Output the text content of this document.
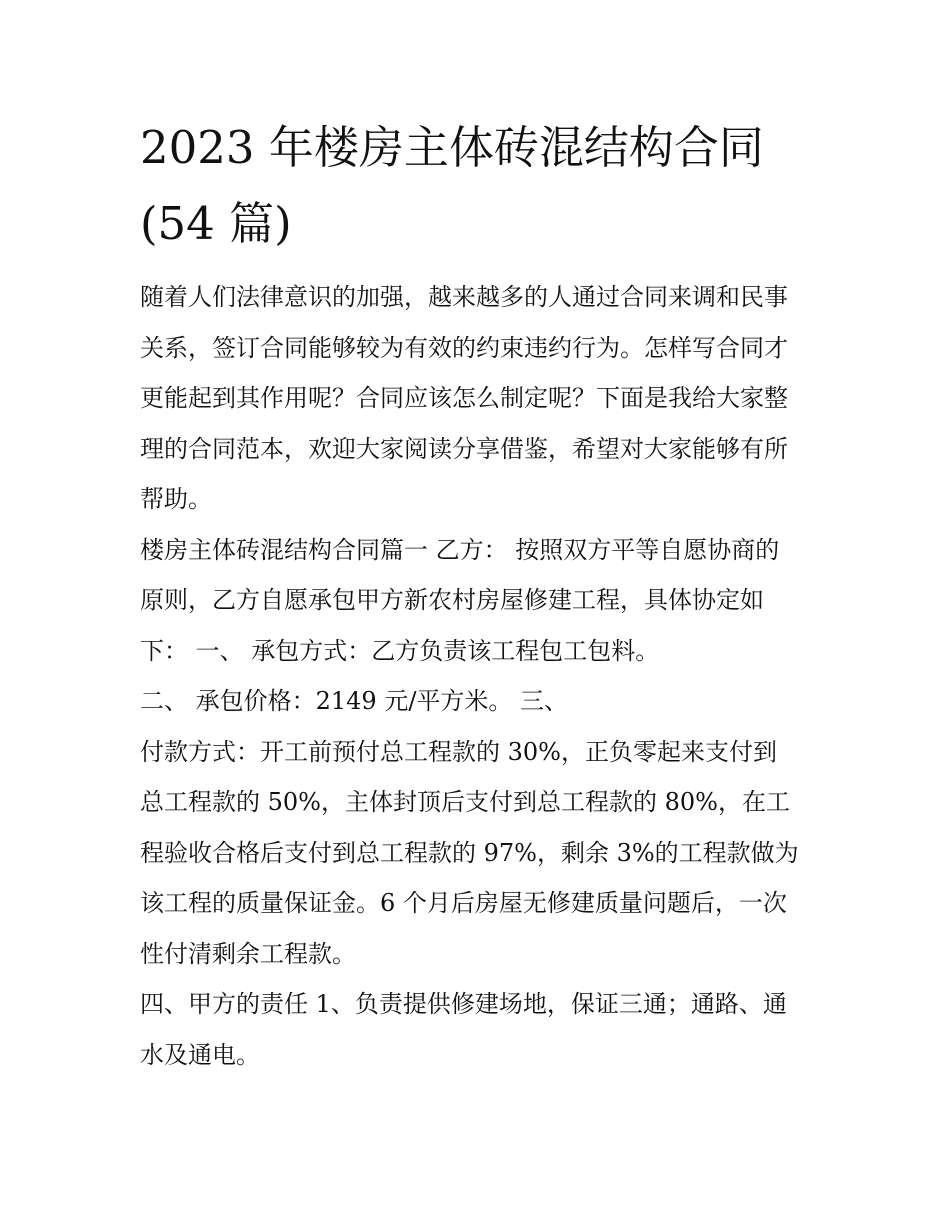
2023 年楼房主体砖混结构合同
(54 篇)

随着人们法律意识的加强，越来越多的人通过合同来调和民事

关系，签订合同能够较为有效的约束违约行为。怎样写合同才

更能起到其作用呢？合同应该怎么制定呢？下面是我给大家整

理的合同范本，欢迎大家阅读分享借鉴，希望对大家能够有所

帮助。

楼房主体砖混结构合同篇一 乙方： 按照双方平等自愿协商的

原则，乙方自愿承包甲方新农村房屋修建工程，具体协定如

下： 一、 承包方式：乙方负责该工程包工包料。

二、 承包价格：2149 元/平方米。 三、

付款方式：开工前预付总工程款的 30%，正负零起来支付到

总工程款的 50%，主体封顶后支付到总工程款的 80%，在工

程验收合格后支付到总工程款的 97%，剩余 3%的工程款做为

该工程的质量保证金。6 个月后房屋无修建质量问题后，一次

性付清剩余工程款。

四、甲方的责任 1、负责提供修建场地，保证三通；通路、通

水及通电。
